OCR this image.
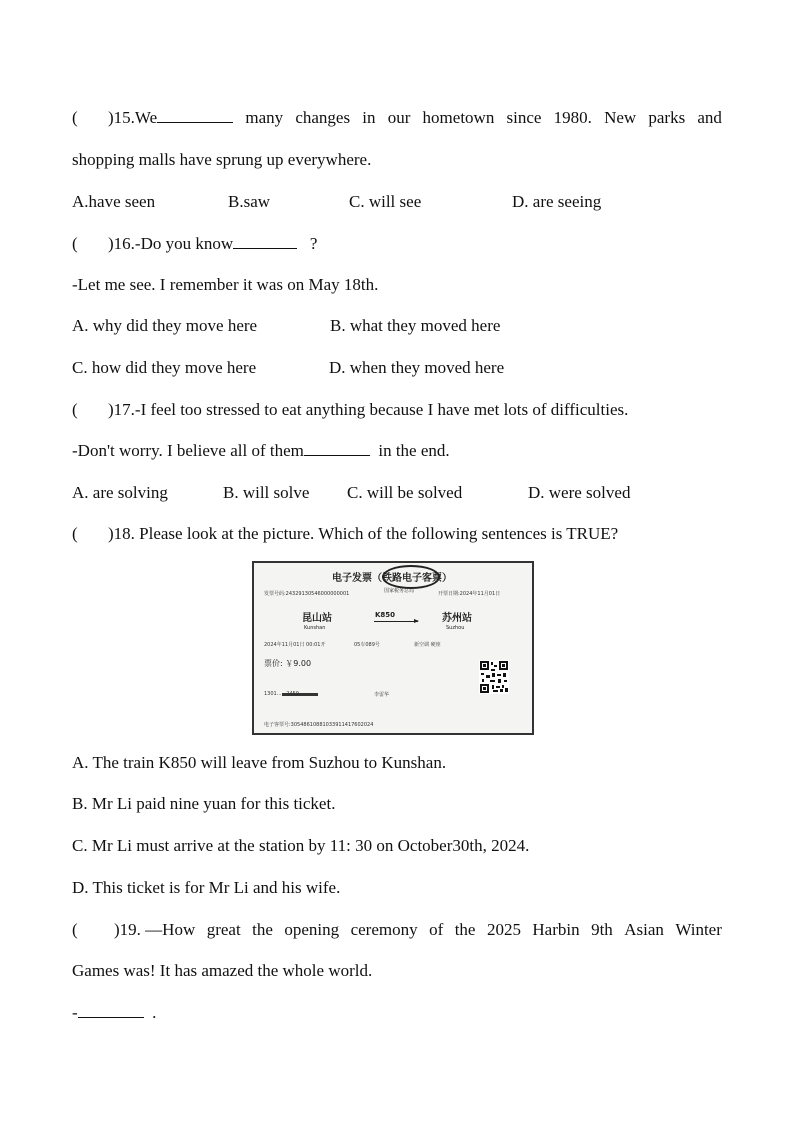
( )15.We	many changes in our hometown since 1980. New parks and
shopping malls have sprung up everywhere.
A.have seen	B.saw	C. will see	D. are seeing
( )16.-Do you know	?
-Let me see. I remember it was on May 18th.
A. why did they move here	B. what they moved here
C. how did they move here	D. when they moved here
( )17.-I feel too stressed to eat anything because I have met lots of difficulties.
-Don't worry. I believe all of them	in the end.
A. are solving	B. will solve C. will be solved	D. were solved
( )18. Please look at the picture. Which of the following sentences is TRUE?
电子发票（铁路电子客票）
国家税务总局
发票号码:24329130546000000001	开票日期:2024年11月01日
昆山站
Kunshan
K850	苏州站
Suzhou
2024年11月01日 00:01开	05车089号	新空调 硬座
票价: ￥9.00
1301......2459	李雷华
电子客票号:30548610881033911417602024
A. The train K850 will leave from Suzhou to Kunshan.
B. Mr Li paid nine yuan for this ticket.
C. Mr Li must arrive at the station by 11: 30 on October30th, 2024.
D. This ticket is for Mr Li and his wife.
( )19. —How great the opening ceremony of the 2025 Harbin 9th Asian Winter
Games was! It has amazed the whole world.
-	.
